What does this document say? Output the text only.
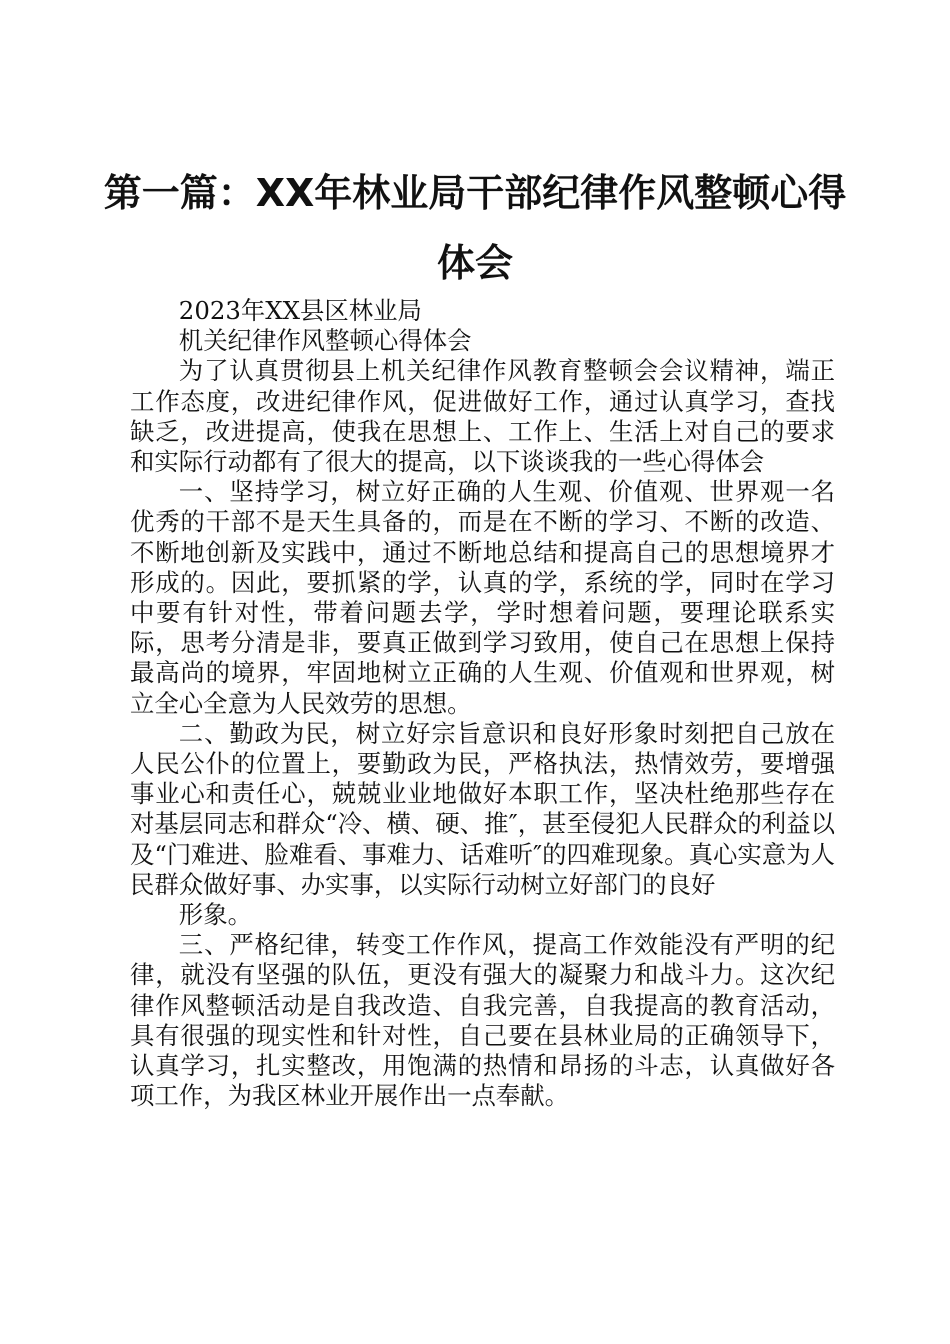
第一篇：XX年林业局干部纪律作风整顿心得体会

2023年XX县区林业局

机关纪律作风整顿心得体会

为了认真贯彻县上机关纪律作风教育整顿会会议精神，端正工作态度，改进纪律作风，促进做好工作，通过认真学习，查找缺乏，改进提高，使我在思想上、工作上、生活上对自己的要求和实际行动都有了很大的提高，以下谈谈我的一些心得体会

一、坚持学习，树立好正确的人生观、价值观、世界观一名优秀的干部不是天生具备的，而是在不断的学习、不断的改造、不断地创新及实践中，通过不断地总结和提高自己的思想境界才形成的。因此，要抓紧的学，认真的学，系统的学，同时在学习中要有针对性，带着问题去学，学时想着问题，要理论联系实际，思考分清是非，要真正做到学习致用，使自己在思想上保持最高尚的境界，牢固地树立正确的人生观、价值观和世界观，树立全心全意为人民效劳的思想。

二、勤政为民，树立好宗旨意识和良好形象时刻把自己放在人民公仆的位置上，要勤政为民，严格执法，热情效劳，要增强事业心和责任心，兢兢业业地做好本职工作，坚决杜绝那些存在对基层同志和群众“冷、横、硬、推″，甚至侵犯人民群众的利益以及“门难进、脸难看、事难力、话难听″的四难现象。真心实意为人民群众做好事、办实事，以实际行动树立好部门的良好

形象。

三、严格纪律，转变工作作风，提高工作效能没有严明的纪律，就没有坚强的队伍，更没有强大的凝聚力和战斗力。这次纪律作风整顿活动是自我改造、自我完善，自我提高的教育活动，具有很强的现实性和针对性，自己要在县林业局的正确领导下，认真学习，扎实整改，用饱满的热情和昂扬的斗志，认真做好各项工作，为我区林业开展作出一点奉献。
